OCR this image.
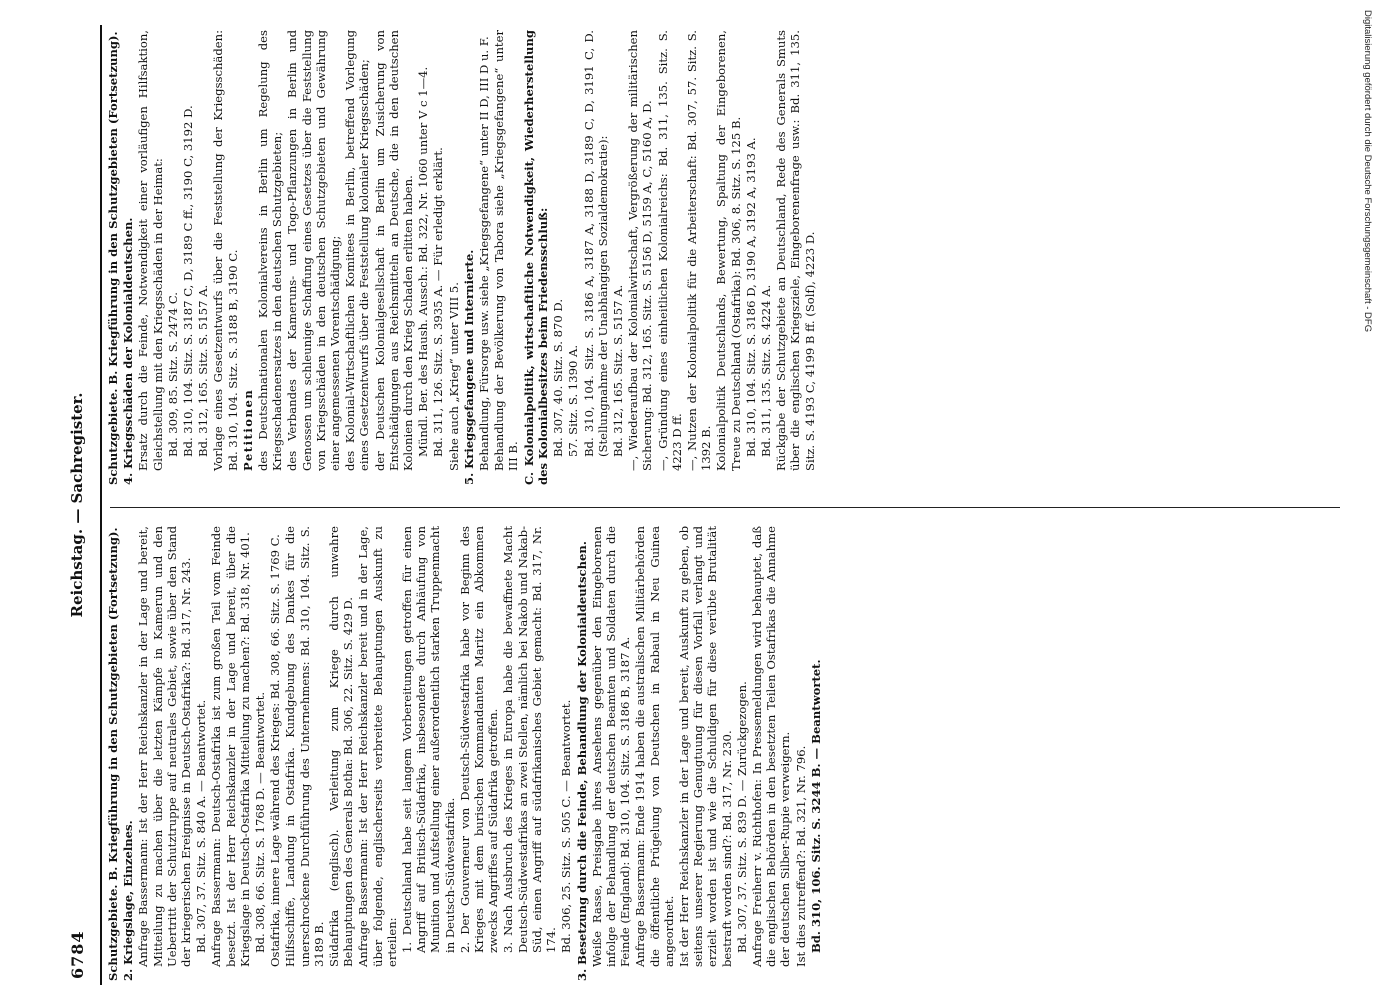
6784
Reichstag. — Sachregister.

Schutzgebiete. B. Kriegführung in den Schutzgebieten (Fortsetzung). 2. Kriegslage, Einzelnes. Anfrage Bassermann: Ist der Herr Reichskanzler in der Lage und bereit, Mitteilung zu machen über die letzten Kämpfe in Kamerun und den Uebertritt der Schutztruppe auf neutrales Gebiet, sowie über den Stand der kriegerischen Ereignisse in Deutsch-Ostafrika?: Bd. 317, Nr. 243. Bd. 307, 37. Sitz. S. 840 A. — Beantwortet. Anfrage Bassermann: Deutsch-Ostafrika ist zum großen Teil vom Feinde besetzt. Ist der Herr Reichskanzler in der Lage und bereit, über die Kriegslage in Deutsch-Ostafrika Mitteilung zu machen?: Bd. 318, Nr. 401. Bd. 308, 66. Sitz. S. 1768 D. — Beantwortet. Ostafrika, innere Lage während des Krieges: Bd. 308, 66. Sitz. S. 1769 C. Hilfsschiffe, Landung in Ostafrika. Kundgebung des Dankes für die unerschrockene Durchführung des Unternehmens: Bd. 310, 104. Sitz. S. 3189 B. Südafrika (englisch). Verleitung zum Kriege durch unwahre Behauptungen des Generals Botha: Bd. 306, 22. Sitz. S. 429 D. Anfrage Bassermann: Ist der Herr Reichskanzler bereit und in der Lage, über folgende, englischerseits verbreitete Behauptungen Auskunft zu erteilen: 1. Deutschland habe seit langem Vorbereitungen getroffen für einen Angriff auf Britisch-Südafrika, insbesondere durch Anhäufung von Munition und Aufstellung einer außerordentlich starken Truppenmacht in Deutsch-Südwestafrika. 2. Der Gouverneur von Deutsch-Südwestafrika habe vor Beginn des Krieges mit dem burischen Kommandanten Maritz ein Abkommen zwecks Angriffes auf Südafrika getroffen. 3. Nach Ausbruch des Krieges in Europa habe die bewaffnete Macht Deutsch-Südwestafrikas an zwei Stellen, nämlich bei Nakob und Nakab-Süd, einen Angriff auf südafrikanisches Gebiet gemacht: Bd. 317, Nr. 174. Bd. 306, 25. Sitz. S. 505 C. — Beantwortet. 3. Besetzung durch die Feinde, Behandlung der Kolonialdeutschen. Weiße Rasse, Preisgabe ihres Ansehens gegenüber den Eingeborenen infolge der Behandlung der deutschen Beamten und Soldaten durch die Feinde (England): Bd. 310, 104. Sitz. S. 3186 B, 3187 A. Anfrage Bassermann: Ende 1914 haben die australischen Militärbehörden die öffentliche Prügelung von Deutschen in Rabaul in Neu Guinea angeordnet. Ist der Herr Reichskanzler in der Lage und bereit, Auskunft zu geben, ob seitens unserer Regierung Genugtuung für diesen Vorfall verlangt und erzielt worden ist und wie die Schuldigen für diese verübte Brutalität bestraft worden sind?: Bd. 317, Nr. 230. Bd. 307, 37. Sitz. S. 839 D. — Zurückgezogen. Anfrage Freiherr v. Richthofen: In Pressemeldungen wird behauptet, daß die englischen Behörden in den besetzten Teilen Ostafrikas die Annahme der deutschen Silber-Rupie verweigern. Ist dies zutreffend?: Bd. 321, Nr. 796. Bd. 310, 106. Sitz. S. 3244 B. — Beantwortet.

Schutzgebiete. B. Kriegführung in den Schutzgebieten (Fortsetzung). 4. Kriegsschäden der Kolonialdeutschen. Ersatz durch die Feinde, Notwendigkeit einer vorläufigen Hilfsaktion, Gleichstellung mit den Kriegsschäden in der Heimat: Bd. 309, 85. Sitz. S. 2474 C. Bd. 310, 104. Sitz. S. 3187 C, D, 3189 C ff., 3190 C, 3192 D. Bd. 312, 165. Sitz. S. 5157 A. Vorlage eines Gesetzentwurfs über die Feststellung der Kriegsschäden: Bd. 310, 104. Sitz. S. 3188 B, 3190 C. Petitionen des Deutschnationalen Kolonialvereins in Berlin um Regelung des Kriegsschadenersatzes in den deutschen Schutzgebieten; des Verbandes der Kameruns- und Togo-Pflanzungen in Berlin und Genossen um schleunige Schaffung eines Gesetzes über die Feststellung von Kriegsschäden in den deutschen Schutzgebieten und Gewährung einer angemessenen Vorentschädigung; des Kolonial-Wirtschaftlichen Komitees in Berlin, betreffend Vorlegung eines Gesetzentwurfs über die Feststellung kolonialer Kriegsschäden; der Deutschen Kolonialgesellschaft in Berlin um Zusicherung von Entschädigungen aus Reichsmitteln an Deutsche, die in den deutschen Kolonien durch den Krieg Schaden erlitten haben. Mündl. Ber. des Haush. Aussch.: Bd. 322, Nr. 1060 unter V c 1—4. Bd. 311, 126. Sitz. S. 3935 A. — Für erledigt erklärt. Siehe auch „Krieg“ unter VIII 5. 5. Kriegsgefangene und Internierte. Behandlung, Fürsorge usw. siehe „Kriegsgefangene“ unter II D, III D u. F. Behandlung der Bevölkerung von Tabora siehe „Kriegsgefangene“ unter III B. C. Kolonialpolitik, wirtschaftliche Notwendigkeit, Wiederherstellung des Kolonialbesitzes beim Friedensschluß: Bd. 307, 40. Sitz. S. 870 D. 57. Sitz. S. 1390 A. Bd. 310, 104. Sitz. S. 3186 A, 3187 A, 3188 D, 3189 C, D, 3191 C, D. (Stellungnahme der Unabhängigen Sozialdemokratie): Bd. 312, 165. Sitz. S. 5157 A. —, Wiederaufbau der Kolonialwirtschaft, Vergrößerung der militärischen Sicherung: Bd. 312, 165. Sitz. S. 5156 D, 5159 A, C, 5160 A, D. —, Gründung eines einheitlichen Kolonialreichs: Bd. 311, 135. Sitz. S. 4223 D ff. —, Nutzen der Kolonialpolitik für die Arbeiterschaft: Bd. 307, 57. Sitz. S. 1392 B. Kolonialpolitik Deutschlands, Bewertung, Spaltung der Eingeborenen, Treue zu Deutschland (Ostafrika): Bd. 306, 8. Sitz. S. 125 B. Bd. 310, 104. Sitz. S. 3186 D, 3190 A, 3192 A, 3193 A. Bd. 311, 135. Sitz. S. 4224 A. Rückgabe der Schutzgebiete an Deutschland, Rede des Generals Smuts über die englischen Kriegsziele, Eingeborenenfrage usw.: Bd. 311, 135. Sitz. S. 4193 C, 4199 B ff. (Solf), 4223 D.

Digitalisierung gefördert durch die Deutsche Forschungsgemeinschaft - DFG
